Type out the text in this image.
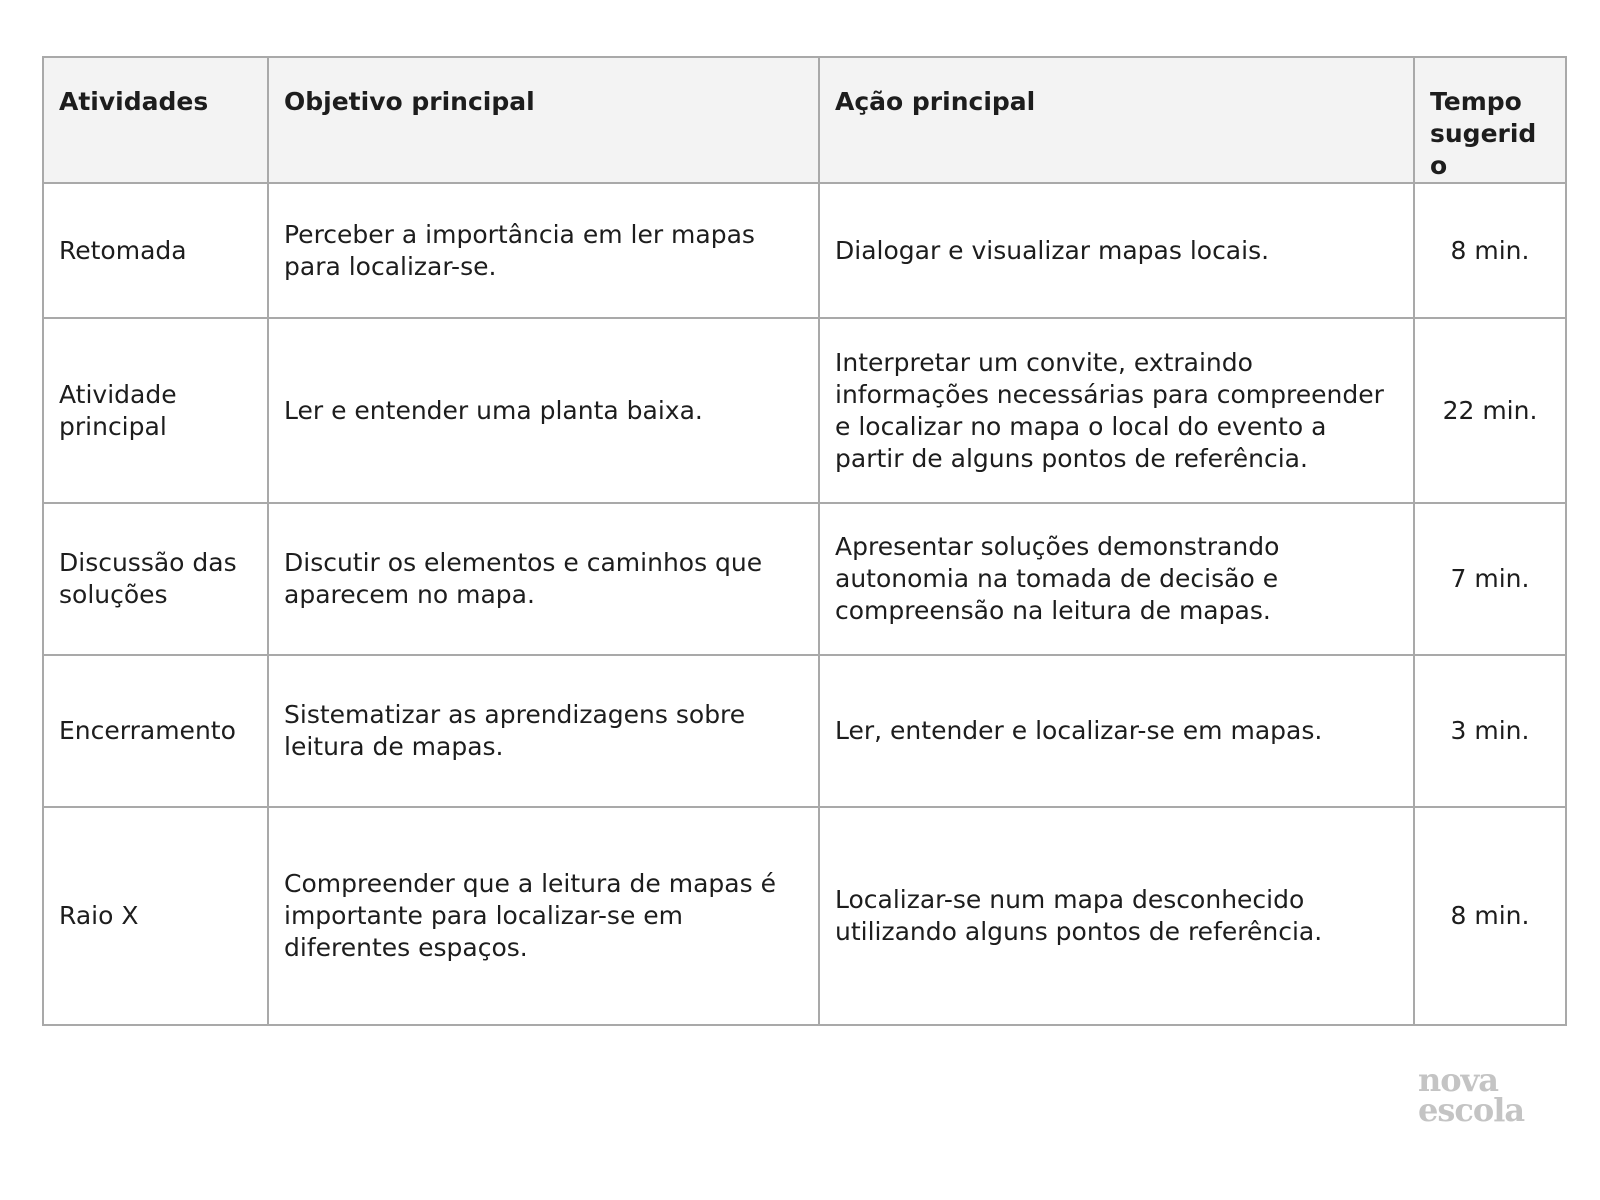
Atividades	Objetivo principal	Ação principal	Tempo sugerido
Retomada	Perceber a importância em ler mapas para localizar-se.	Dialogar e visualizar mapas locais.	8 min.
Atividade principal	Ler e entender uma planta baixa.	Interpretar um convite, extraindo informações necessárias para compreender e localizar no mapa o local do evento a partir de alguns pontos de referência.	22 min.
Discussão das soluções	Discutir os elementos e caminhos que aparecem no mapa.	Apresentar soluções demonstrando autonomia na tomada de decisão e compreensão na leitura de mapas.	7 min.
Encerramento	Sistematizar as aprendizagens sobre leitura de mapas.	Ler, entender e localizar-se em mapas.	3 min.
Raio X	Compreender que a leitura de mapas é importante para localizar-se em diferentes espaços.	Localizar-se num mapa desconhecido utilizando alguns pontos de referência.	8 min.
nova
escola
